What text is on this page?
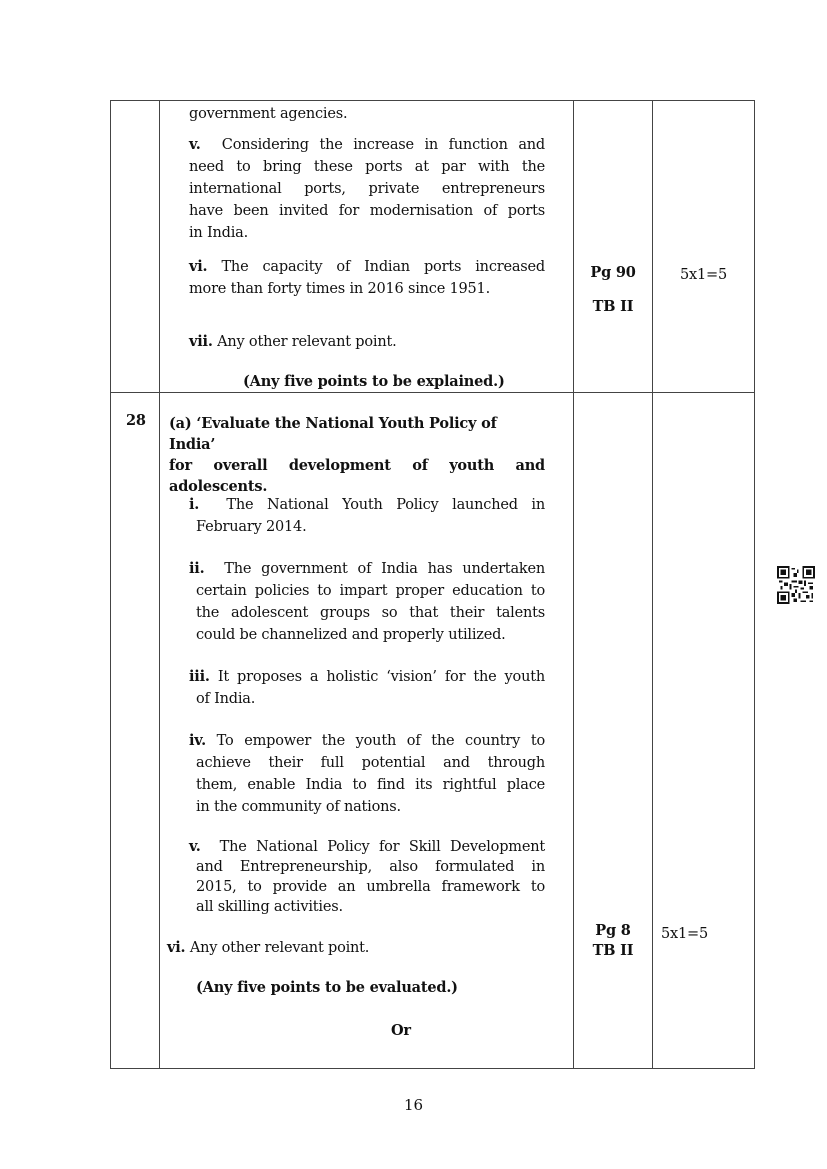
government agencies.
v. Considering the increase in function and
need to bring these ports at par with the
international ports, private entrepreneurs
have been invited for modernisation of ports
in India.
vi. The capacity of Indian ports increased
more than forty times in 2016 since 1951.
vii. Any other relevant point.
(Any five points to be explained.)
Pg 90
TB II
5x1=5
28 (a) ‘Evaluate the National Youth Policy of India’
for overall development of youth and
adolescents.
i. The National Youth Policy launched in
February 2014.
ii. The government of India has undertaken
certain policies to impart proper education to
the adolescent groups so that their talents
could be channelized and properly utilized.
iii. It proposes a holistic ‘vision’ for the youth
of India.
iv. To empower the youth of the country to
achieve their full potential and through
them, enable India to find its rightful place
in the community of nations.
v. The National Policy for Skill Development
and Entrepreneurship, also formulated in
2015, to provide an umbrella framework to
all skilling activities.
vi. Any other relevant point.
(Any five points to be evaluated.)
Or
Pg 8
TB II
5x1=5
16
